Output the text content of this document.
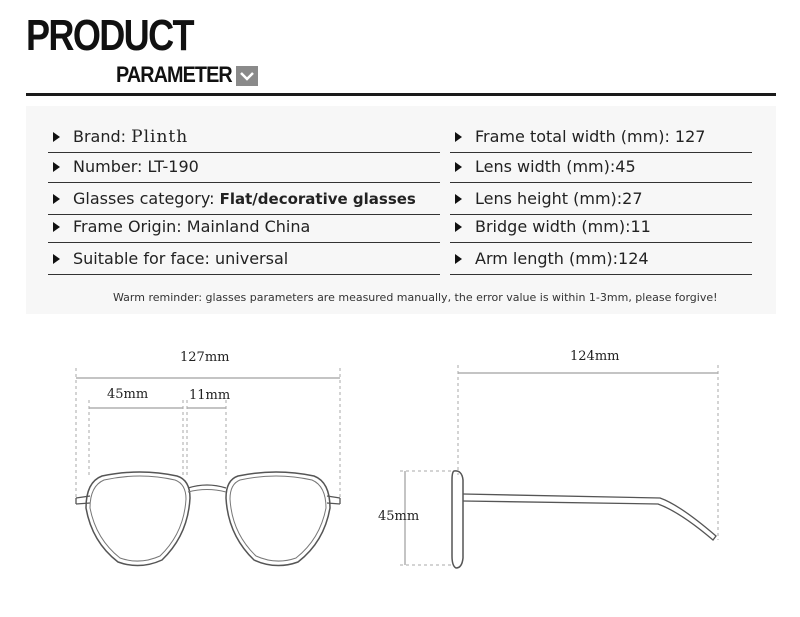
PRODUCT
PARAMETER
Brand: Plinth
Number: LT-190
Glasses category: Flat/decorative glasses
Frame Origin: Mainland China
Suitable for face: universal
Frame total width (mm): 127
Lens width (mm):45
Lens height (mm):27
Bridge width (mm):11
Arm length (mm):124
Warm reminder: glasses parameters are measured manually, the error value is within 1-3mm, please forgive!
127mm
45mm	11mm
124mm
45mm
